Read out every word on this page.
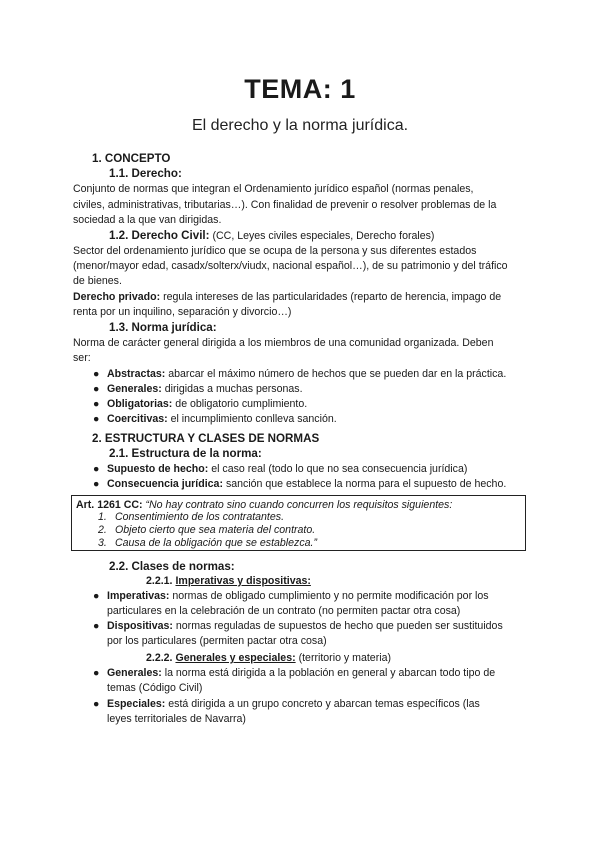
TEMA: 1
El derecho y la norma jurídica.
1. CONCEPTO
1.1. Derecho:
Conjunto de normas que integran el Ordenamiento jurídico español (normas penales,
civiles, administrativas, tributarias…). Con finalidad de prevenir o resolver problemas de la
sociedad a la que van dirigidas.
1.2. Derecho Civil: (CC, Leyes civiles especiales, Derecho forales)
Sector del ordenamiento jurídico que se ocupa de la persona y sus diferentes estados
(menor/mayor edad, casadx/solterx/viudx, nacional español…), de su patrimonio y del tráfico
de bienes.
Derecho privado: regula intereses de las particularidades (reparto de herencia, impago de
renta por un inquilino, separación y divorcio…)
1.3. Norma jurídica:
Norma de carácter general dirigida a los miembros de una comunidad organizada. Deben
ser:
● Abstractas: abarcar el máximo número de hechos que se pueden dar en la práctica.
● Generales: dirigidas a muchas personas.
● Obligatorias: de obligatorio cumplimiento.
● Coercitivas: el incumplimiento conlleva sanción.
2. ESTRUCTURA Y CLASES DE NORMAS
2.1. Estructura de la norma:
● Supuesto de hecho: el caso real (todo lo que no sea consecuencia jurídica)
● Consecuencia jurídica: sanción que establece la norma para el supuesto de hecho.
Art. 1261 CC: “No hay contrato sino cuando concurren los requisitos siguientes:
1. Consentimiento de los contratantes.
2. Objeto cierto que sea materia del contrato.
3. Causa de la obligación que se establezca.”
2.2. Clases de normas:
2.2.1. Imperativas y dispositivas:
● Imperativas: normas de obligado cumplimiento y no permite modificación por los
particulares en la celebración de un contrato (no permiten pactar otra cosa)
● Dispositivas: normas reguladas de supuestos de hecho que pueden ser sustituidos
por los particulares (permiten pactar otra cosa)
2.2.2. Generales y especiales: (territorio y materia)
● Generales: la norma está dirigida a la población en general y abarcan todo tipo de
temas (Código Civil)
● Especiales: está dirigida a un grupo concreto y abarcan temas específicos (las
leyes territoriales de Navarra)
